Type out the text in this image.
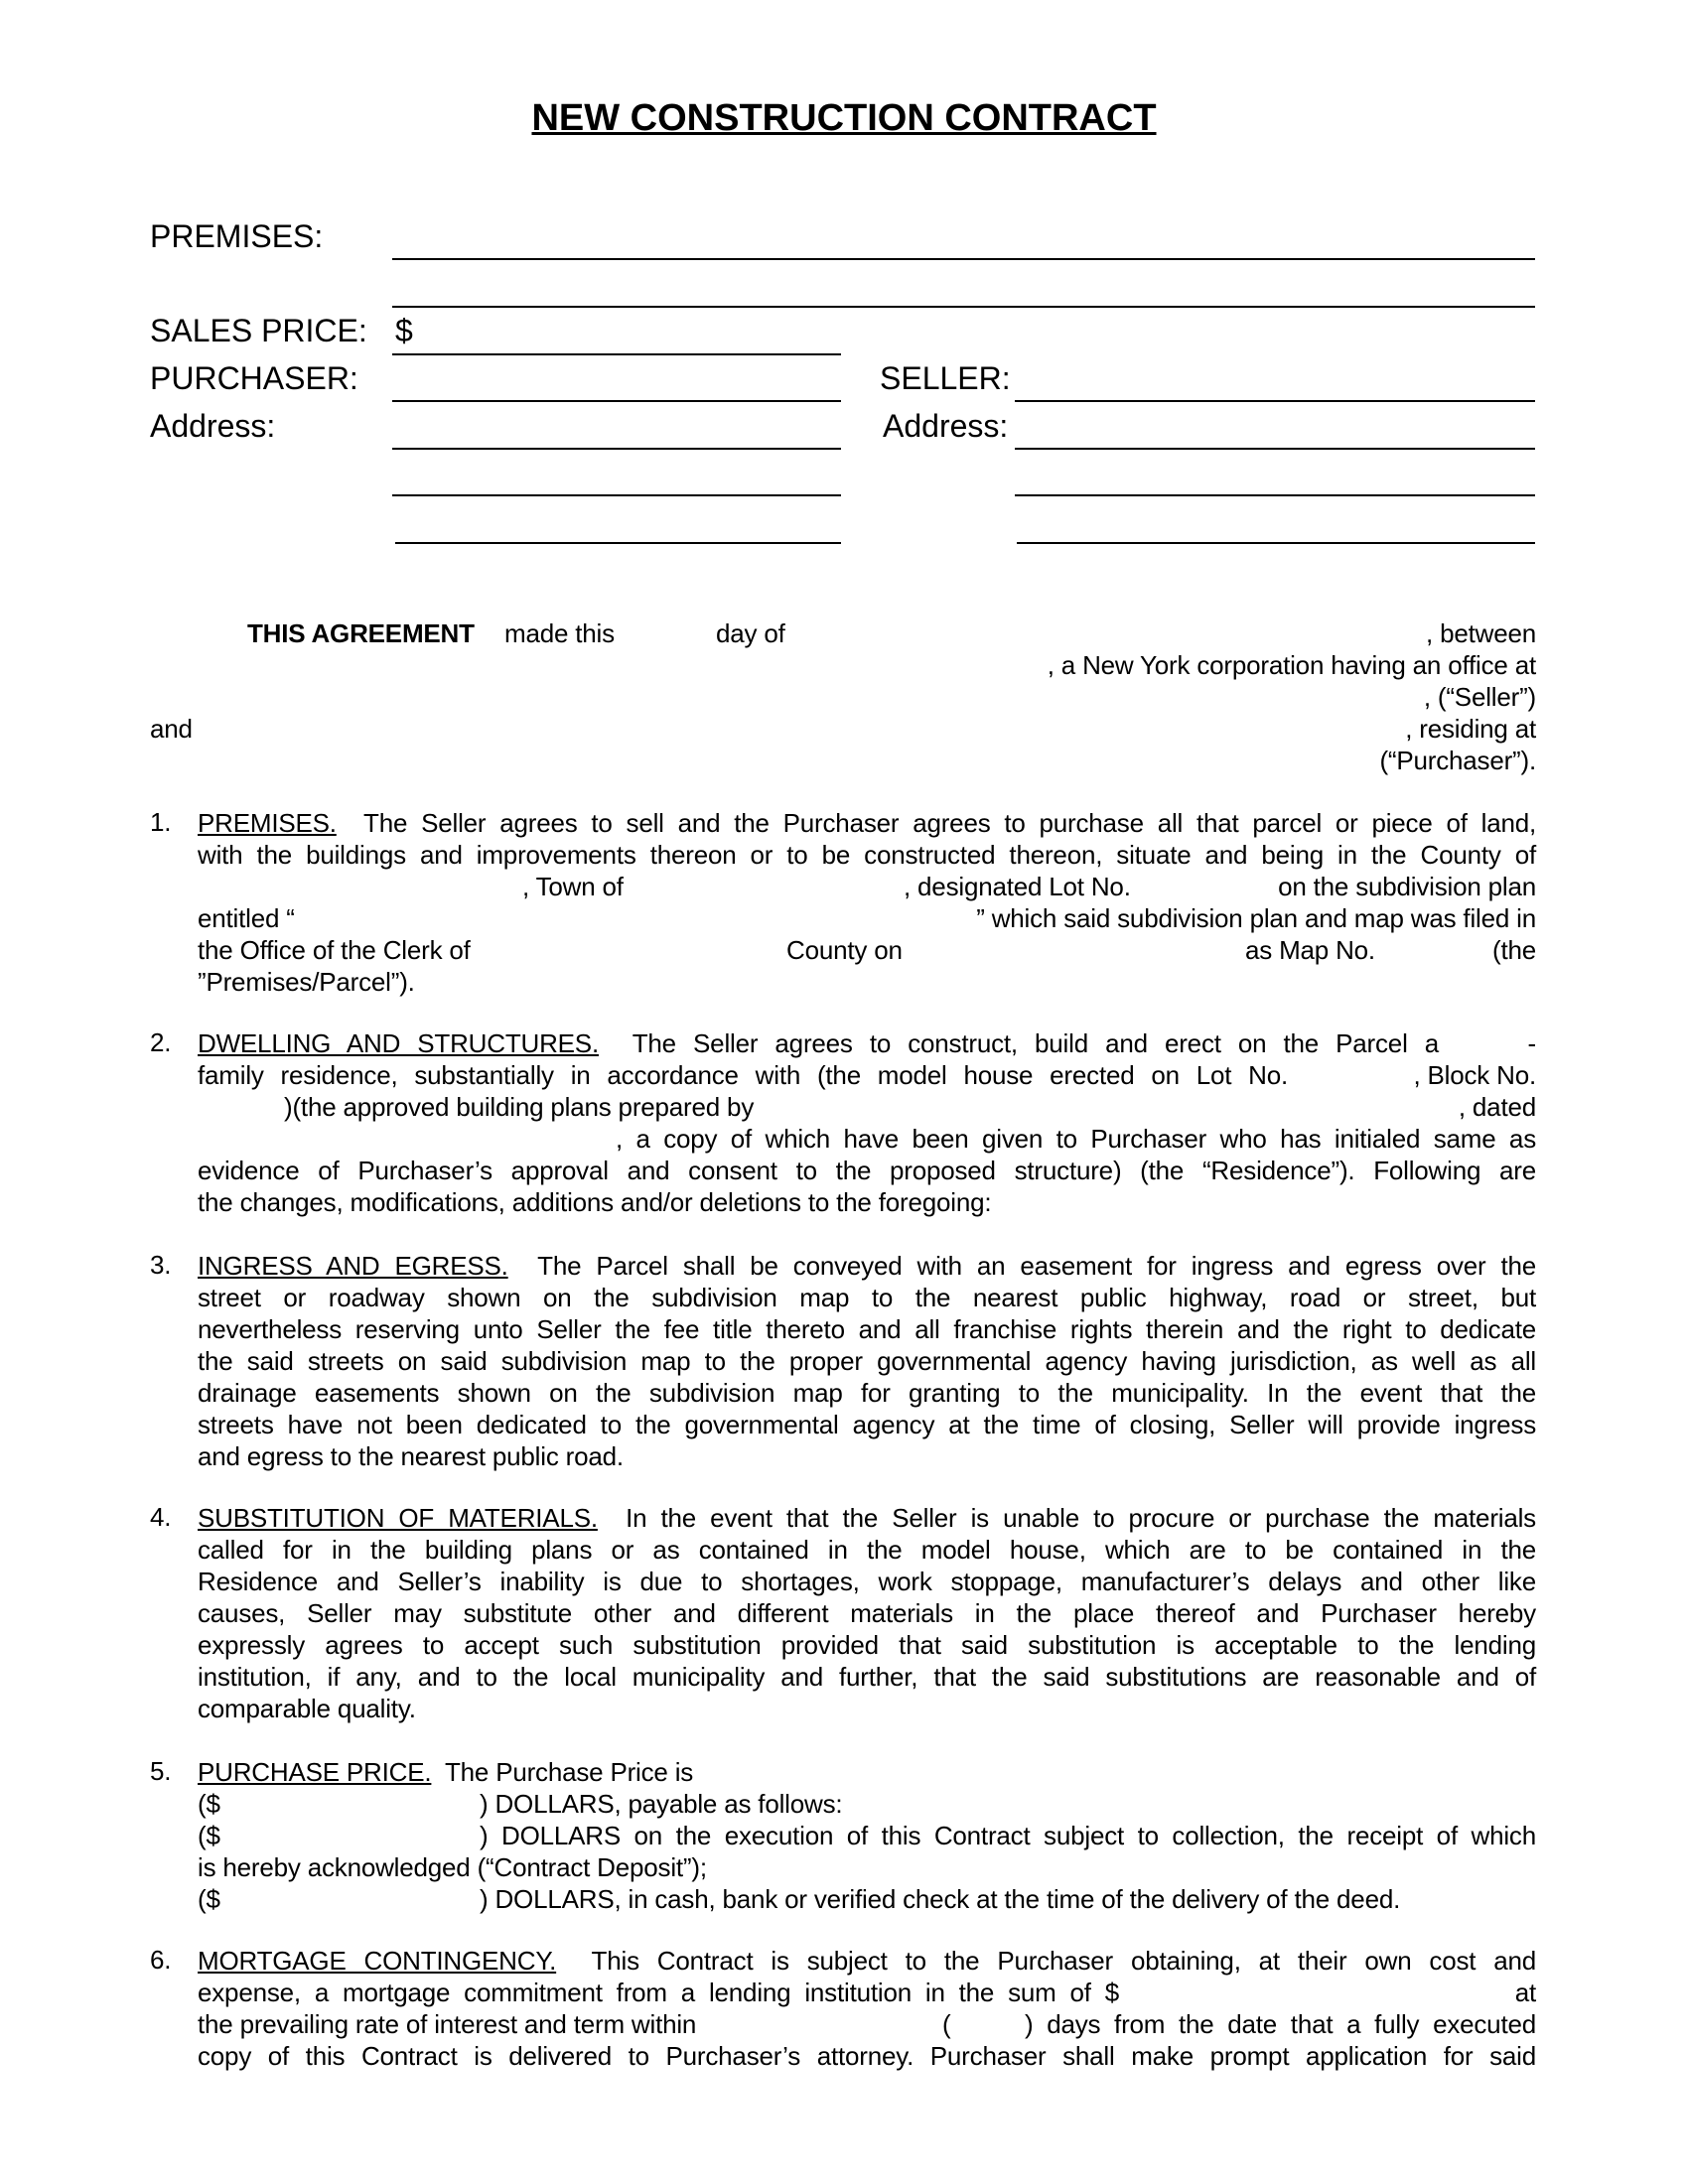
NEW CONSTRUCTION CONTRACT
PREMISES:
SALES PRICE: $
PURCHASER:	SELLER:
Address:	Address:
THIS AGREEMENT made this	day of	, between
, a New York corporation having an office at
, (“Seller”)
and	, residing at
(“Purchaser”).
1. PREMISES. The Seller agrees to sell and the Purchaser agrees to purchase all that parcel or piece of land,
with the buildings and improvements thereon or to be constructed thereon, situate and being in the County of
, Town of	, designated Lot No.	on the subdivision plan
entitled “	” which said subdivision plan and map was filed in
the Office of the Clerk of	County on	as Map No.	(the
”Premises/Parcel”).
2. DWELLING AND STRUCTURES. The Seller agrees to construct, build and erect on the Parcel a	-
family residence, substantially in accordance with (the model house erected on Lot No.	, Block No.
)(the approved building plans prepared by	, dated
, a copy of which have been given to Purchaser who has initialed same as
evidence of Purchaser’s approval and consent to the proposed structure) (the “Residence”). Following are
the changes, modifications, additions and/or deletions to the foregoing:
3. INGRESS AND EGRESS. The Parcel shall be conveyed with an easement for ingress and egress over the
street or roadway shown on the subdivision map to the nearest public highway, road or street, but
nevertheless reserving unto Seller the fee title thereto and all franchise rights therein and the right to dedicate
the said streets on said subdivision map to the proper governmental agency having jurisdiction, as well as all
drainage easements shown on the subdivision map for granting to the municipality. In the event that the
streets have not been dedicated to the governmental agency at the time of closing, Seller will provide ingress
and egress to the nearest public road.
4. SUBSTITUTION OF MATERIALS. In the event that the Seller is unable to procure or purchase the materials
called for in the building plans or as contained in the model house, which are to be contained in the
Residence and Seller’s inability is due to shortages, work stoppage, manufacturer’s delays and other like
causes, Seller may substitute other and different materials in the place thereof and Purchaser hereby
expressly agrees to accept such substitution provided that said substitution is acceptable to the lending
institution, if any, and to the local municipality and further, that the said substitutions are reasonable and of
comparable quality.
5. PURCHASE PRICE. The Purchase Price is
($	) DOLLARS, payable as follows:
($	) DOLLARS on the execution of this Contract subject to collection, the receipt of which
is hereby acknowledged (“Contract Deposit”);
($	) DOLLARS, in cash, bank or verified check at the time of the delivery of the deed.
6. MORTGAGE CONTINGENCY. This Contract is subject to the Purchaser obtaining, at their own cost and
expense, a mortgage commitment from a lending institution in the sum of $	at
the prevailing rate of interest and term within	(	) days from the date that a fully executed
copy of this Contract is delivered to Purchaser’s attorney. Purchaser shall make prompt application for said
